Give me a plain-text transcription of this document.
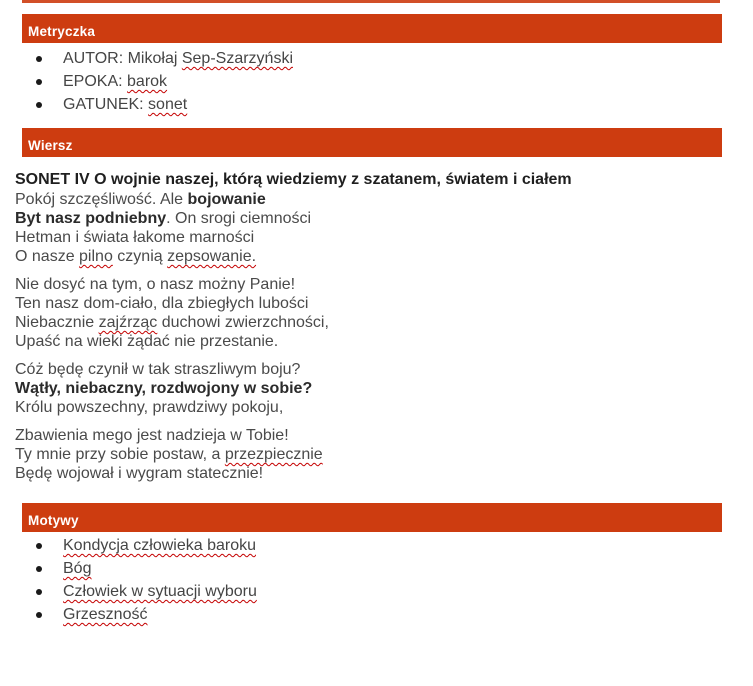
Metryczka
AUTOR: Mikołaj Sep-Szarzyński
EPOKA: barok
GATUNEK: sonet
Wiersz

SONET IV O wojnie naszej, którą wiedziemy z szatanem, światem i ciałem

Pokój szczęśliwość. Ale bojowanie
Byt nasz podniebny. On srogi ciemności
Hetman i świata łakome marności
O nasze pilno czynią zepsowanie.
Nie dosyć na tym, o nasz możny Panie!
Ten nasz dom-ciało, dla zbiegłych lubości
Niebacznie zajźrząc duchowi zwierzchności,
Upaść na wieki żądać nie przestanie.
Cóż będę czynił w tak straszliwym boju?
Wątły, niebaczny, rozdwojony w sobie?
Królu powszechny, prawdziwy pokoju,
Zbawienia mego jest nadzieja w Tobie!
Ty mnie przy sobie postaw, a przezpiecznie
Będę wojował i wygram statecznie!
Motywy
Kondycja człowieka baroku
Bóg
Człowiek w sytuacji wyboru
Grzeszność
